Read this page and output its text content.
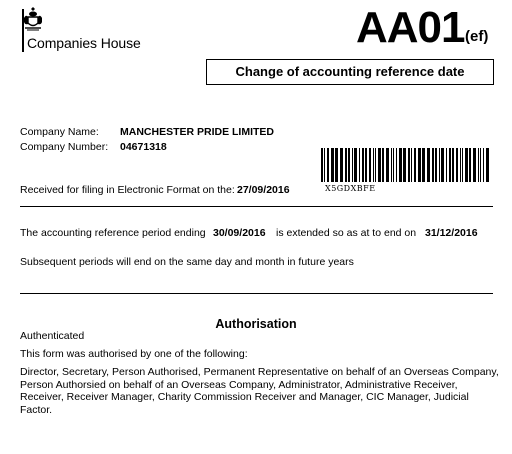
Companies House	AA01 (ef)
Change of accounting reference date
Company Name: MANCHESTER PRIDE LIMITED
Company Number: 04671318
X5GDXBFE
Received for filing in Electronic Format on the: 27/09/2016
The accounting reference period ending 30/09/2016 is extended so as at to end on 31/12/2016
Subsequent periods will end on the same day and month in future years
Authorisation
Authenticated
This form was authorised by one of the following:
Director, Secretary, Person Authorised, Permanent Representative on behalf of an Overseas Company, Person Authorsied on behalf of an Overseas Company, Administrator, Administrative Receiver, Receiver, Receiver Manager, Charity Commission Receiver and Manager, CIC Manager, Judicial Factor.
